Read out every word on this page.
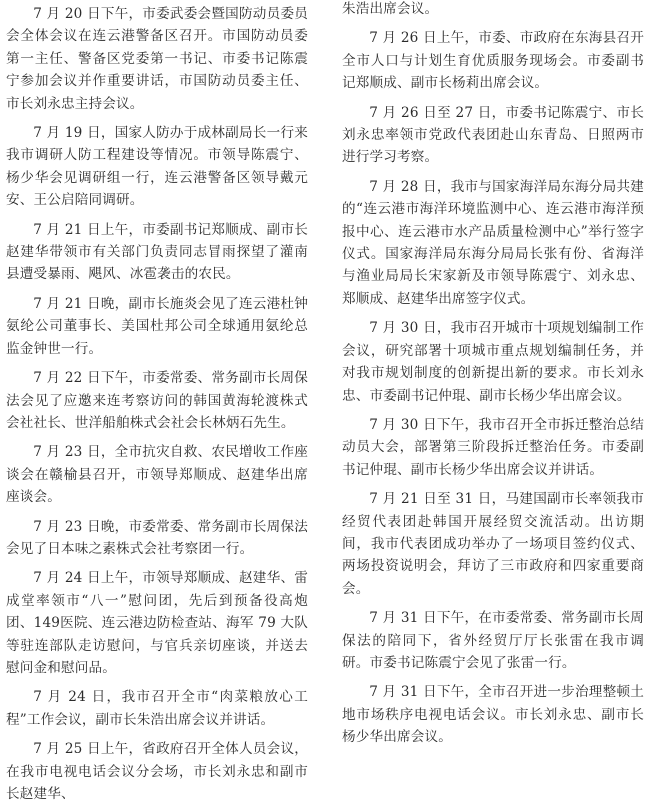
7 月 20 日下午，市委武委会暨国防动员委员会全体会议在连云港警备区召开。市国防动员委第一主任、警备区党委第一书记、市委书记陈震宁参加会议并作重要讲话，市国防动员委主任、市长刘永忠主持会议。

7 月 19 日，国家人防办于成林副局长一行来我市调研人防工程建设等情况。市领导陈震宁、杨少华会见调研组一行，连云港警备区领导戴元安、王公启陪同调研。

7 月 21 日上午，市委副书记郑顺成、副市长赵建华带领市有关部门负责同志冒雨探望了灌南县遭受暴雨、飓风、冰雹袭击的农民。

7 月 21 日晚，副市长施炎会见了连云港杜钟氨纶公司董事长、美国杜邦公司全球通用氨纶总监金钟世一行。

7 月 22 日下午，市委常委、常务副市长周保法会见了应邀来连考察访问的韩国黄海轮渡株式会社社长、世洋船舶株式会社会长林炳石先生。

7 月 23 日，全市抗灾自救、农民增收工作座谈会在赣榆县召开，市领导郑顺成、赵建华出席座谈会。

7 月 23 日晚，市委常委、常务副市长周保法会见了日本味之素株式会社考察团一行。

7 月 24 日上午，市领导郑顺成、赵建华、雷成堂率领市“八一”慰问团，先后到预备役高炮团、149医院、连云港边防检查站、海军 79 大队等驻连部队走访慰问，与官兵亲切座谈，并送去慰问金和慰问品。

7 月 24 日，我市召开全市“肉菜粮放心工程”工作会议，副市长朱浩出席会议并讲话。

7 月 25 日上午，省政府召开全体人员会议，在我市电视电话会议分会场，市长刘永忠和副市长赵建华、

朱浩出席会议。

7 月 26 日上午，市委、市政府在东海县召开全市人口与计划生育优质服务现场会。市委副书记郑顺成、副市长杨莉出席会议。

7 月 26 日至 27 日，市委书记陈震宁、市长刘永忠率领市党政代表团赴山东青岛、日照两市进行学习考察。

7 月 28 日，我市与国家海洋局东海分局共建的“连云港市海洋环境监测中心、连云港市海洋预报中心、连云港市水产品质量检测中心”举行签字仪式。国家海洋局东海分局局长张有份、省海洋与渔业局局长宋家新及市领导陈震宁、刘永忠、郑顺成、赵建华出席签字仪式。

7 月 30 日，我市召开城市十项规划编制工作会议，研究部署十项城市重点规划编制任务，并对我市规划制度的创新提出新的要求。市长刘永忠、市委副书记仲琨、副市长杨少华出席会议。

7 月 30 日下午，我市召开全市拆迁整治总结动员大会，部署第三阶段拆迁整治任务。市委副书记仲琨、副市长杨少华出席会议并讲话。

7 月 21 日至 31 日，马建国副市长率领我市经贸代表团赴韩国开展经贸交流活动。出访期间，我市代表团成功举办了一场项目签约仪式、两场投资说明会，拜访了三市政府和四家重要商会。

7 月 31 日下午，在市委常委、常务副市长周保法的陪同下，省外经贸厅厅长张雷在我市调研。市委书记陈震宁会见了张雷一行。

7 月 31 日下午，全市召开进一步治理整顿土地市场秩序电视电话会议。市长刘永忠、副市长杨少华出席会议。
